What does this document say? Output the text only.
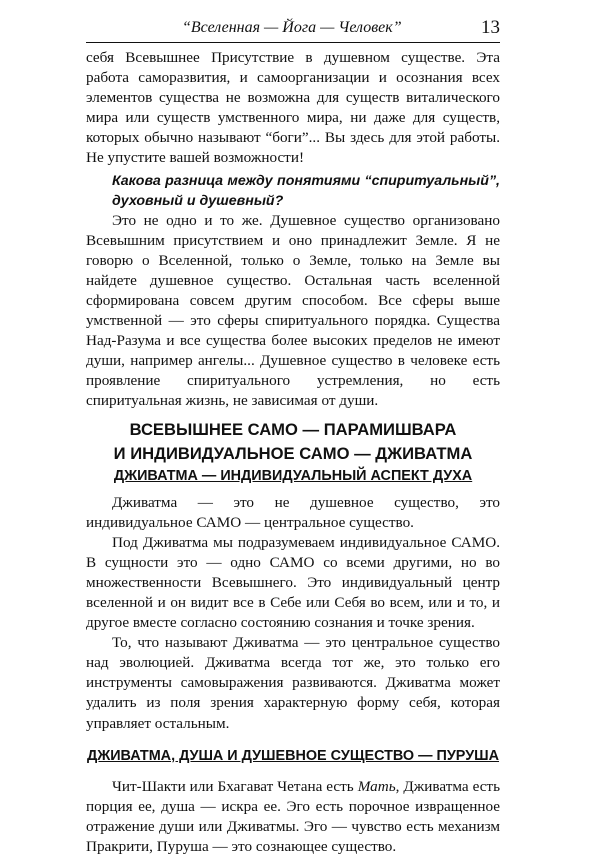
“Вселенная — Йога — Человек”	13

себя Всевышнее Присутствие в душевном существе. Эта работа саморазвития, и самоорганизации и осознания всех элементов существа не возможна для существ виталического мира или существ умственного мира, ни даже для существ, которых обычно называют “боги”... Вы здесь для этой работы. Не упустите вашей возможности!

Какова разница между понятиями “спиритуальный”, духовный и душевный?

Это не одно и то же. Душевное существо организовано Всевышним присутствием и оно принадлежит Земле. Я не говорю о Вселенной, только о Земле, только на Земле вы найдете душевное существо. Остальная часть вселенной сформирована совсем другим способом. Все сферы выше умственной — это сферы спиритуального порядка. Существа Над-Разума и все существа более высоких пределов не имеют души, например ангелы... Душевное существо в человеке есть проявление спиритуального устремления, но есть спиритуальная жизнь, не зависимая от души.

ВСЕВЫШНЕЕ САМО — ПАРАМИШВАРА
И ИНДИВИДУАЛЬНОЕ САМО — ДЖИВАТМА
ДЖИВАТМА — ИНДИВИДУАЛЬНЫЙ АСПЕКТ ДУХА

Дживатма — это не душевное существо, это индивидуальное САМО — центральное существо.

Под Дживатма мы подразумеваем индивидуальное САМО. В сущности это — одно САМО со всеми другими, но во множественности Всевышнего. Это индивидуальный центр вселенной и он видит все в Себе или Себя во всем, или и то, и другое вместе согласно состоянию сознания и точке зрения.

То, что называют Дживатма — это центральное существо над эволюцией. Дживатма всегда тот же, это только его инструменты самовыражения развиваются. Дживатма может удалить из поля зрения характерную форму себя, которая управляет остальным.

ДЖИВАТМА, ДУША И ДУШЕВНОЕ СУЩЕСТВО — ПУРУША

Чит-Шакти или Бхагават Четана есть Мать, Дживатма есть порция ее, душа — искра ее. Эго есть порочное извращенное отражение души или Дживатмы. Эго — чувство есть механизм Пракрити, Пуруша — это сознающее существо.
